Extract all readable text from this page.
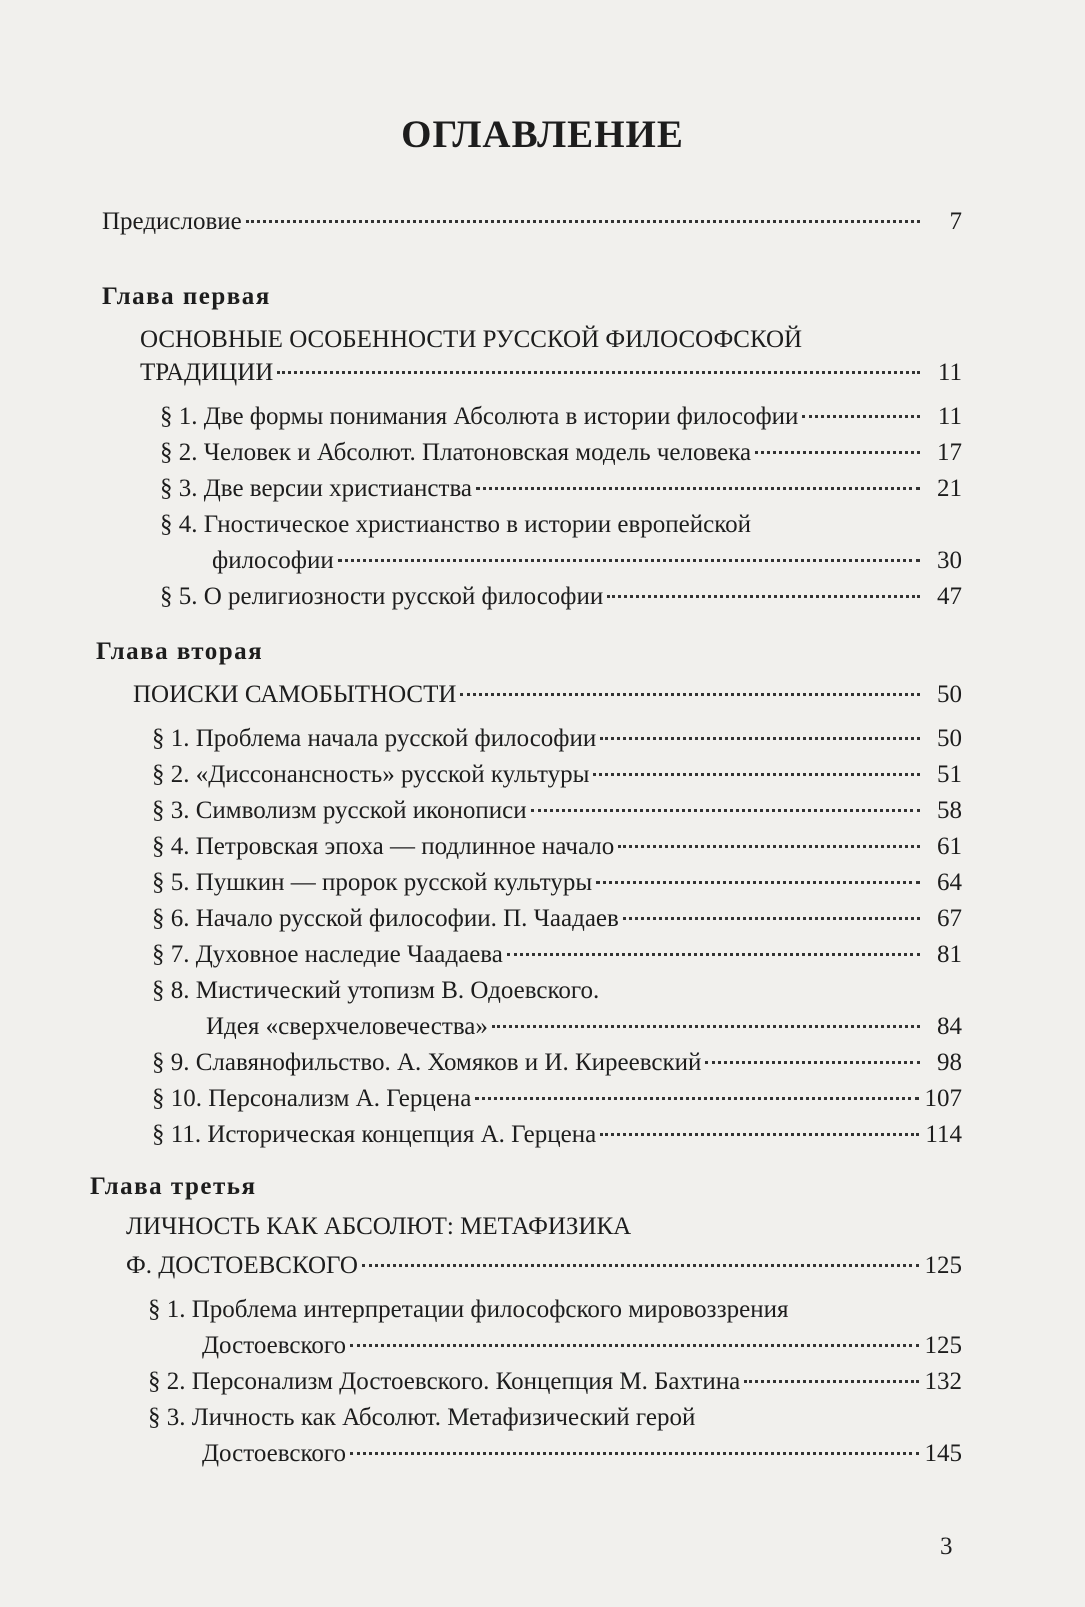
ОГЛАВЛЕНИЕ
Предисловие	7
Глава первая
ОСНОВНЫЕ ОСОБЕННОСТИ РУССКОЙ ФИЛОСОФСКОЙ
ТРАДИЦИИ	11
§ 1. Две формы понимания Абсолюта в истории философии	11
§ 2. Человек и Абсолют. Платоновская модель человека	17
§ 3. Две версии христианства	21
§ 4. Гностическое христианство в истории европейской
философии	30
§ 5. О религиозности русской философии	47
Глава вторая
ПОИСКИ САМОБЫТНОСТИ	50
§ 1. Проблема начала русской философии	50
§ 2. «Диссонансность» русской культуры	51
§ 3. Символизм русской иконописи	58
§ 4. Петровская эпоха — подлинное начало	61
§ 5. Пушкин — пророк русской культуры	64
§ 6. Начало русской философии. П. Чаадаев	67
§ 7. Духовное наследие Чаадаева	81
§ 8. Мистический утопизм В. Одоевского.
Идея «сверхчеловечества»	84
§ 9. Славянофильство. А. Хомяков и И. Киреевский	98
§ 10. Персонализм А. Герцена	107
§ 11. Историческая концепция А. Герцена	114
Глава третья
ЛИЧНОСТЬ КАК АБСОЛЮТ: МЕТАФИЗИКА
Ф. ДОСТОЕВСКОГО	125
§ 1. Проблема интерпретации философского мировоззрения
Достоевского	125
§ 2. Персонализм Достоевского. Концепция М. Бахтина	132
§ 3. Личность как Абсолют. Метафизический герой
Достоевского	145
3
